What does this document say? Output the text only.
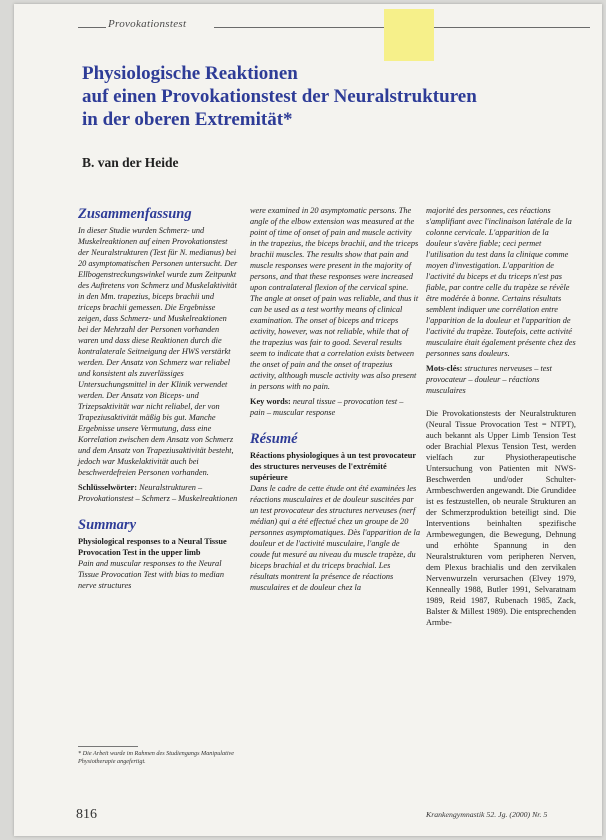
Provokationstest
Physiologische Reaktionen
auf einen Provokationstest der Neuralstrukturen
in der oberen Extremität*
B. van der Heide
Zusammenfassung

In dieser Studie wurden Schmerz- und Muskelreaktionen auf einen Provokationstest der Neuralstrukturen (Test für N. medianus) bei 20 asymptomatischen Personen untersucht. Der Ellbogenstreckungswinkel wurde zum Zeitpunkt des Auftretens von Schmerz und Muskelaktivität in den Mm. trapezius, biceps brachii und triceps brachii gemessen. Die Ergebnisse zeigen, dass Schmerz- und Muskelreaktionen bei der Mehrzahl der Personen vorhanden waren und dass diese Reaktionen durch die kontralaterale Seitneigung der HWS verstärkt werden. Der Ansatz von Schmerz war reliabel und konsistent als zuverlässiges Untersuchungsmittel in der Klinik verwendet werden. Der Ansatz von Biceps- und Trizepsaktivität war nicht reliabel, der von Trapeziusaktivität mäßig bis gut. Manche Ergebnisse unsere Vermutung, dass eine Korrelation zwischen dem Ansatz von Schmerz und dem Ansatz von Trapeziusaktivität besteht, jedoch war Muskelaktivität auch bei beschwerdefreien Personen vorhanden.

Schlüsselwörter: Neuralstrukturen – Provokationstest – Schmerz – Muskelreaktionen

Summary

Physiological responses to a Neural Tissue Provocation Test in the upper limb

Pain and muscular responses to the Neural Tissue Provocation Test with bias to median nerve structures

were examined in 20 asymptomatic persons. The angle of the elbow extension was measured at the point of time of onset of pain and muscle activity in the trapezius, the biceps brachii, and the triceps brachii muscles. The results show that pain and muscle responses were present in the majority of persons, and that these responses were increased upon contralateral flexion of the cervical spine. The angle at onset of pain was reliable, and thus it can be used as a test worthy means of clinical examination. The onset of biceps and triceps activity, however, was not reliable, while that of the trapezius was fair to good. Several results seem to indicate that a correlation exists between the onset of pain and the onset of trapezius activity, although muscle activity was also present in persons with no pain.

Key words: neural tissue – provocation test – pain – muscular response

Résumé

Réactions physiologiques à un test provocateur des structures nerveuses de l'extrémité supérieure

Dans le cadre de cette étude ont été examinées les réactions musculaires et de douleur suscitées par un test provocateur des structures nerveuses (nerf médian) qui a été effectué chez un groupe de 20 personnes asymptomatiques. Dès l'apparition de la douleur et de l'activité musculaire, l'angle de coude fut mesuré au niveau du muscle trapèze, du biceps brachial et du triceps brachial. Les résultats montrent la présence de réactions musculaires et de douleur chez la

majorité des personnes, ces réactions s'amplifiant avec l'inclinaison latérale de la colonne cervicale. L'apparition de la douleur s'avère fiable; ceci permet l'utilisation du test dans la clinique comme moyen d'investigation. L'apparition de l'activité du biceps et du triceps n'est pas fiable, par contre celle du trapèze se révèle être modérée à bonne. Certains résultats semblent indiquer une corrélation entre l'apparition de la douleur et l'apparition de l'activité du trapèze. Toutefois, cette activité musculaire était également présente chez des personnes sans douleurs.

Mots-clés: structures nerveuses – test provocateur – douleur – réactions musculaires

Die Provokationstests der Neuralstrukturen (Neural Tissue Provocation Test = NTPT), auch bekannt als Upper Limb Tension Test oder Brachial Plexus Tension Test, werden vielfach zur Physiotherapeutische Untersuchung von Patienten mit NWS-Beschwerden und/oder Schulter-Armbeschwerden angewandt. Die Grundidee ist es festzustellen, ob neurale Strukturen an der Schmerzproduktion beteiligt sind. Die Interventions beinhalten spezifische Armbewegungen, die Bewegung, Dehnung und erhöhte Spannung in den Neuralstrukturen vom peripheren Nerven, dem Plexus brachialis und den zervikalen Nervenwurzeln verursachen (Elvey 1979, Kenneally 1988, Butler 1991, Selvaratnam 1989, Reid 1987, Rubenach 1985, Zack, Balster & Millest 1989). Die entsprechenden Armbe-

* Die Arbeit wurde im Rahmen des Studiengangs Manipulative Physiotherapie angefertigt.
816	Krankengymnastik 52. Jg. (2000) Nr. 5
